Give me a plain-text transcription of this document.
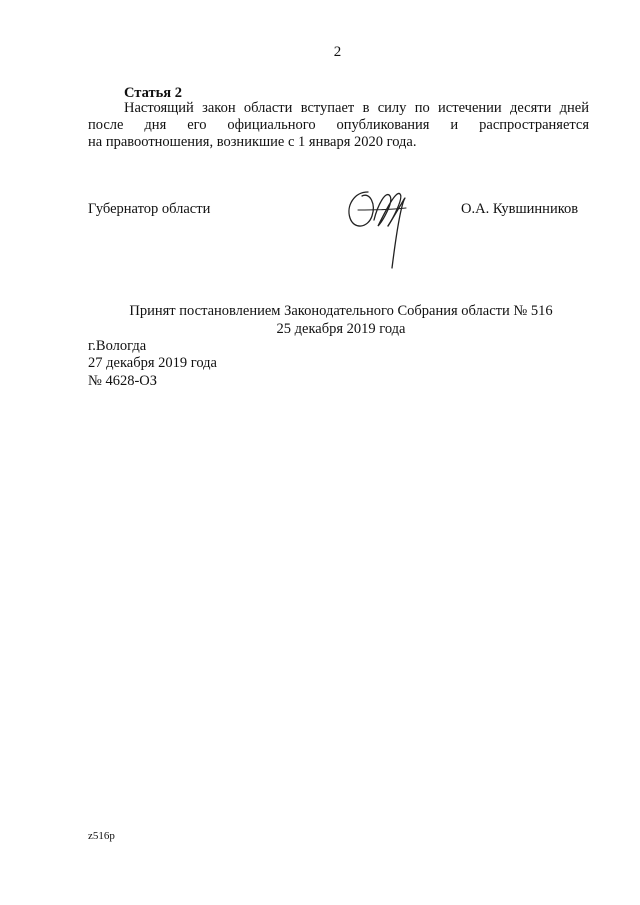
2
Статья 2
Настоящий закон области вступает в силу по истечении десяти дней
после дня его официального опубликования и распространяется
на правоотношения, возникшие с 1 января 2020 года.
Губернатор области	О.А. Кувшинников
Принят постановлением Законодательного Собрания области № 516
25 декабря 2019 года
г.Вологда
27 декабря 2019 года
№ 4628-ОЗ
z516p
